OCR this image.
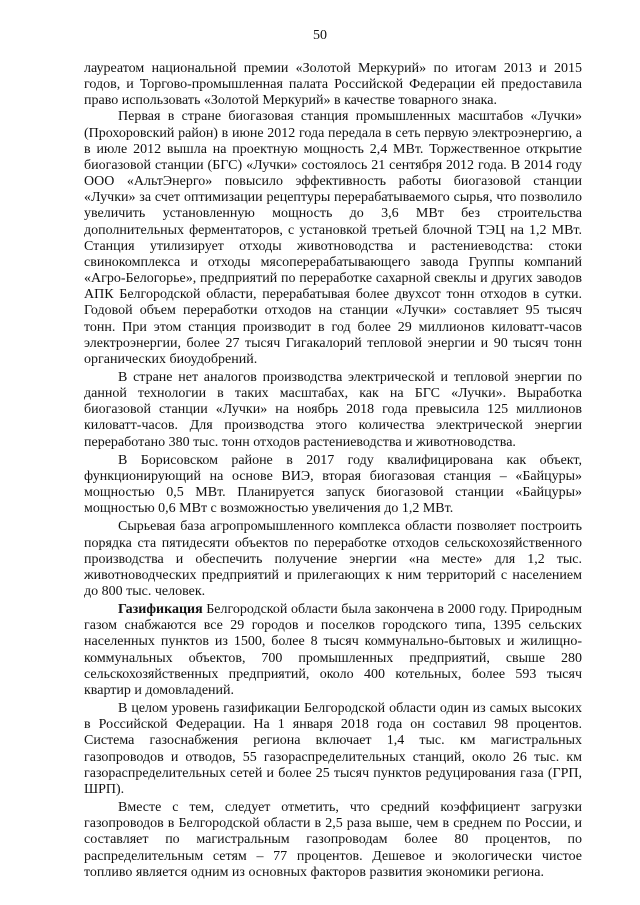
50

лауреатом национальной премии «Золотой Меркурий» по итогам 2013 и 2015 годов, и Торгово-промышленная палата Российской Федерации ей предоставила право использовать «Золотой Меркурий» в качестве товарного знака.

Первая в стране биогазовая станция промышленных масштабов «Лучки» (Прохоровский район) в июне 2012 года передала в сеть первую электроэнергию, а в июле 2012 вышла на проектную мощность 2,4 МВт. Торжественное открытие биогазовой станции (БГС) «Лучки» состоялось 21 сентября 2012 года. В 2014 году ООО «АльтЭнерго» повысило эффективность работы биогазовой станции «Лучки» за счет оптимизации рецептуры перерабатываемого сырья, что позволило увеличить установленную мощность до 3,6 МВт без строительства дополнительных ферментаторов, с установкой третьей блочной ТЭЦ на 1,2 МВт. Станция утилизирует отходы животноводства и растениеводства: стоки свинокомплекса и отходы мясоперерабатывающего завода Группы компаний «Агро-Белогорье», предприятий по переработке сахарной свеклы и других заводов АПК Белгородской области, перерабатывая более двухсот тонн отходов в сутки. Годовой объем переработки отходов на станции «Лучки» составляет 95 тысяч тонн. При этом станция производит в год более 29 миллионов киловатт-часов электроэнергии, более 27 тысяч Гигакалорий тепловой энергии и 90 тысяч тонн органических биоудобрений.

В стране нет аналогов производства электрической и тепловой энергии по данной технологии в таких масштабах, как на БГС «Лучки». Выработка биогазовой станции «Лучки» на ноябрь 2018 года превысила 125 миллионов киловатт-часов. Для производства этого количества электрической энергии переработано 380 тыс. тонн отходов растениеводства и животноводства.

В Борисовском районе в 2017 году квалифицирована как объект, функционирующий на основе ВИЭ, вторая биогазовая станция – «Байцуры» мощностью 0,5 МВт. Планируется запуск биогазовой станции «Байцуры» мощностью 0,6 МВт с возможностью увеличения до 1,2 МВт.

Сырьевая база агропромышленного комплекса области позволяет построить порядка ста пятидесяти объектов по переработке отходов сельскохозяйственного производства и обеспечить получение энергии «на месте» для 1,2 тыс. животноводческих предприятий и прилегающих к ним территорий с населением до 800 тыс. человек.

Газификация Белгородской области была закончена в 2000 году. Природным газом снабжаются все 29 городов и поселков городского типа, 1395 сельских населенных пунктов из 1500, более 8 тысяч коммунально-бытовых и жилищно-коммунальных объектов, 700 промышленных предприятий, свыше 280 сельскохозяйственных предприятий, около 400 котельных, более 593 тысяч квартир и домовладений.

В целом уровень газификации Белгородской области один из самых высоких в Российской Федерации. На 1 января 2018 года он составил 98 процентов. Система газоснабжения региона включает 1,4 тыс. км магистральных газопроводов и отводов, 55 газораспределительных станций, около 26 тыс. км газораспределительных сетей и более 25 тысяч пунктов редуцирования газа (ГРП, ШРП).

Вместе с тем, следует отметить, что средний коэффициент загрузки газопроводов в Белгородской области в 2,5 раза выше, чем в среднем по России, и составляет по магистральным газопроводам более 80 процентов, по распределительным сетям – 77 процентов. Дешевое и экологически чистое топливо является одним из основных факторов развития экономики региона.
